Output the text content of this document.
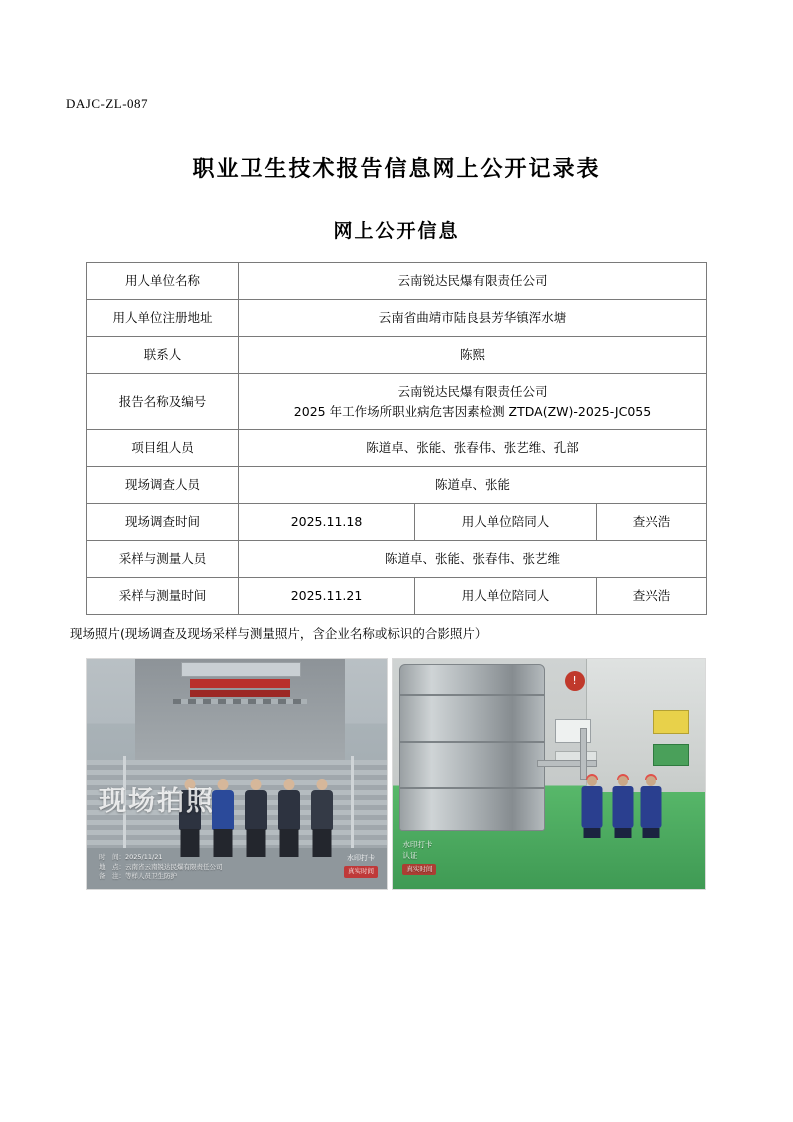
DAJC-ZL-087
职业卫生技术报告信息网上公开记录表
网上公开信息
用人单位名称	云南锐达民爆有限责任公司		
用人单位注册地址	云南省曲靖市陆良县芳华镇浑水塘		
联系人	陈熙		
报告名称及编号	云南锐达民爆有限责任公司
2025 年工作场所职业病危害因素检测 ZTDA(ZW)-2025-JC055		

项目组人员	陈道卓、张能、张春伟、张艺维、孔部		
现场调查人员	陈道卓、张能		
现场调查时间	2025.11.18	用人单位陪同人	查兴浩
采样与测量人员	陈道卓、张能、张春伟、张艺维		
采样与测量时间	2025.11.21	用人单位陪同人	查兴浩
现场照片(现场调查及现场采样与测量照片，含企业名称或标识的合影照片）
现场拍照
时　间：2025/11/21
地　点：云南省云南锐达民爆有限责任公司
备　注：等样人员卫生防护
水印打卡
真实时间
!
水印打卡
认证
真实时间
